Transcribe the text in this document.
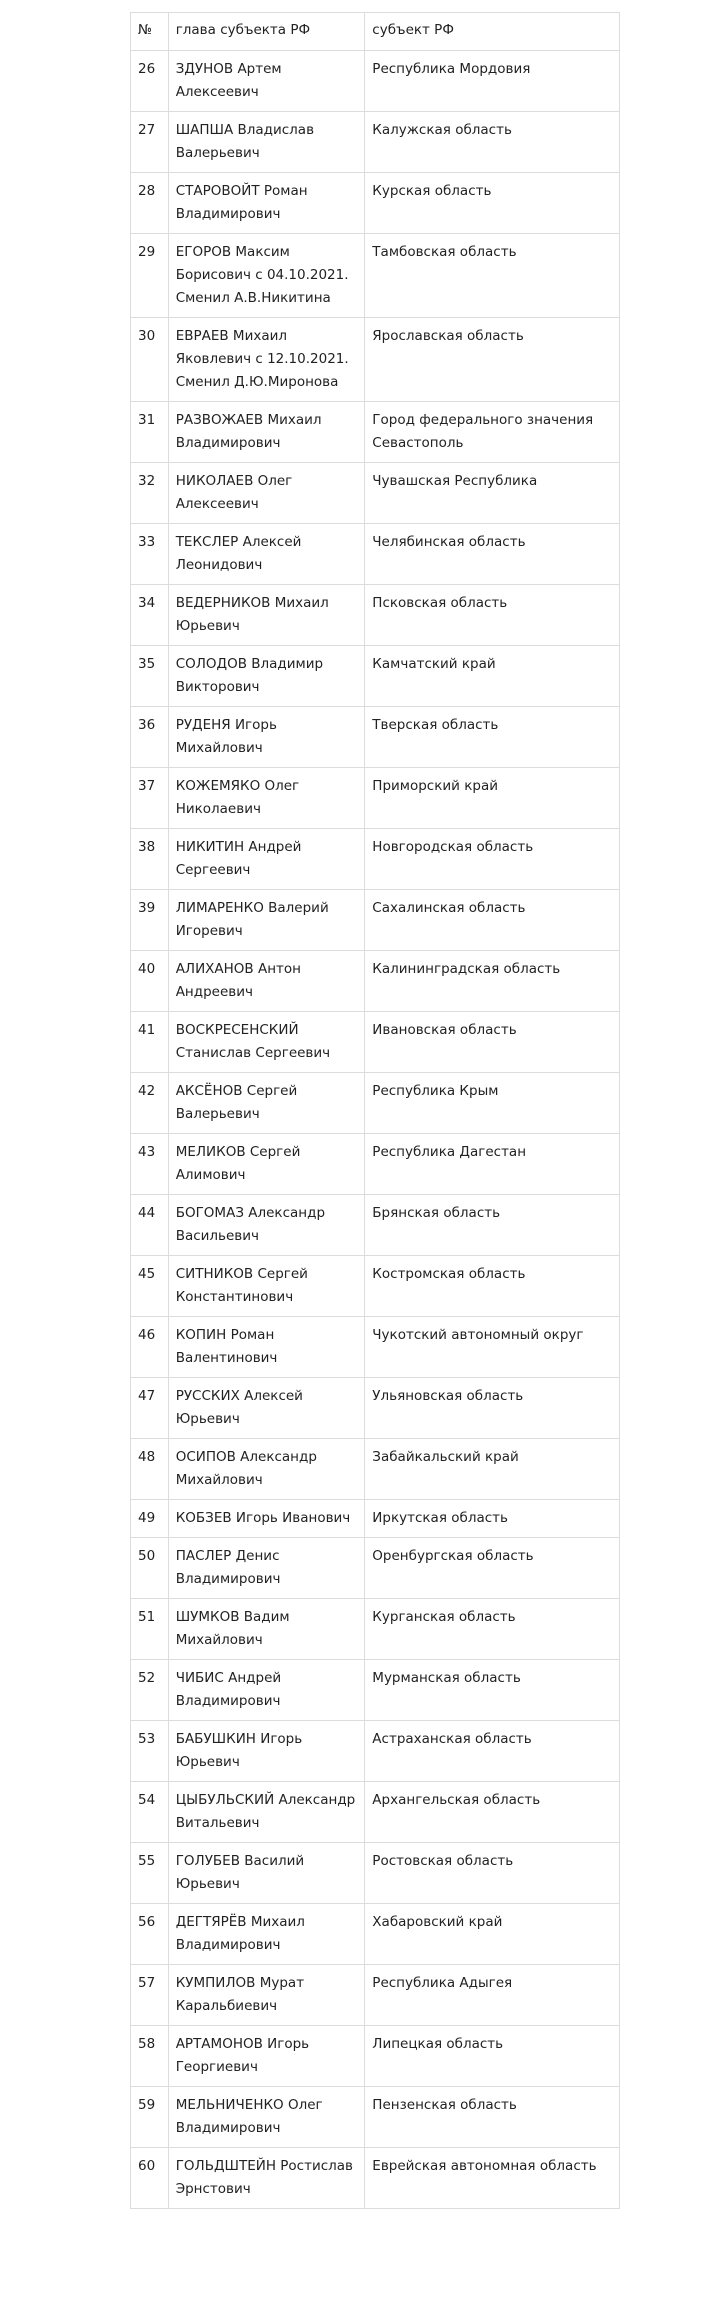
№	глава субъекта РФ	субъект РФ
26	ЗДУНОВ Артем Алексеевич	Республика Мордовия
27	ШАПША Владислав Валерьевич	Калужская область
28	СТАРОВОЙТ Роман Владимирович	Курская область
29	ЕГОРОВ Максим Борисович с 04.10.2021. Сменил А.В.Никитина	Тамбовская область
30	ЕВРАЕВ Михаил Яковлевич с 12.10.2021. Сменил Д.Ю.Миронова	Ярославская область
31	РАЗВОЖАЕВ Михаил Владимирович	Город федерального значения Севастополь
32	НИКОЛАЕВ Олег Алексеевич	Чувашская Республика
33	ТЕКСЛЕР Алексей Леонидович	Челябинская область
34	ВЕДЕРНИКОВ Михаил Юрьевич	Псковская область
35	СОЛОДОВ Владимир Викторович	Камчатский край
36	РУДЕНЯ Игорь Михайлович	Тверская область
37	КОЖЕМЯКО Олег Николаевич	Приморский край
38	НИКИТИН Андрей Сергеевич	Новгородская область
39	ЛИМАРЕНКО Валерий Игоревич	Сахалинская область
40	АЛИХАНОВ Антон Андреевич	Калининградская область
41	ВОСКРЕСЕНСКИЙ Станислав Сергеевич	Ивановская область
42	АКСЁНОВ Сергей Валерьевич	Республика Крым
43	МЕЛИКОВ Сергей Алимович	Республика Дагестан
44	БОГОМАЗ Александр Васильевич	Брянская область
45	СИТНИКОВ Сергей Константинович	Костромская область
46	КОПИН Роман Валентинович	Чукотский автономный округ
47	РУССКИХ Алексей Юрьевич	Ульяновская область
48	ОСИПОВ Александр Михайлович	Забайкальский край
49	КОБЗЕВ Игорь Иванович	Иркутская область
50	ПАСЛЕР Денис Владимирович	Оренбургская область
51	ШУМКОВ Вадим Михайлович	Курганская область
52	ЧИБИС Андрей Владимирович	Мурманская область
53	БАБУШКИН Игорь Юрьевич	Астраханская область
54	ЦЫБУЛЬСКИЙ Александр Витальевич	Архангельская область
55	ГОЛУБЕВ Василий Юрьевич	Ростовская область
56	ДЕГТЯРЁВ Михаил Владимирович	Хабаровский край
57	КУМПИЛОВ Мурат Каральбиевич	Республика Адыгея
58	АРТАМОНОВ Игорь Георгиевич	Липецкая область
59	МЕЛЬНИЧЕНКО Олег Владимирович	Пензенская область
60	ГОЛЬДШТЕЙН Ростислав Эрнстович	Еврейская автономная область
